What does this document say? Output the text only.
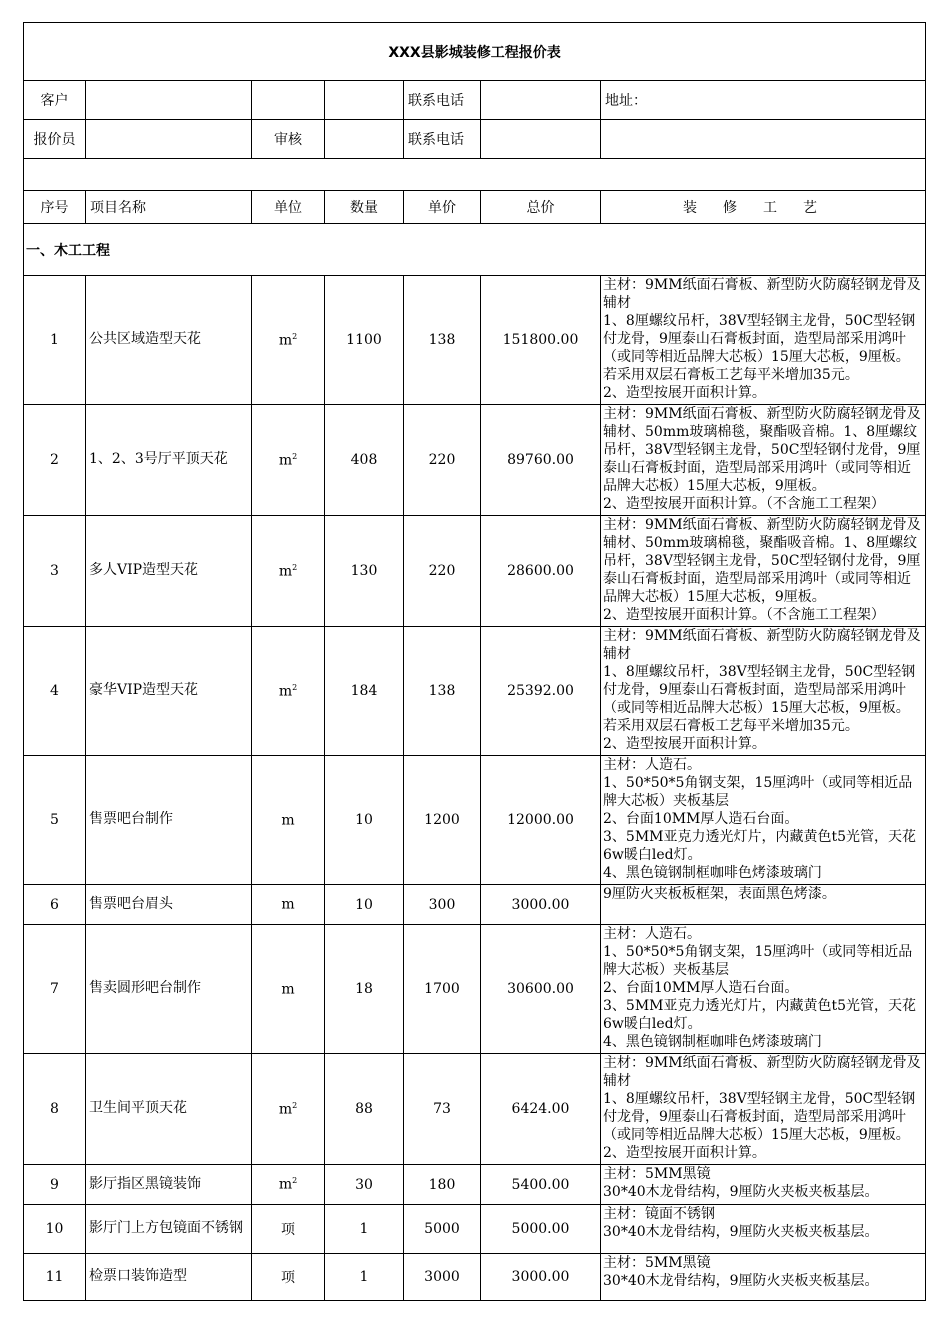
XXX县影城装修工程报价表						
客户				联系电话		地址：
报价员		审核		联系电话		

序号	项目名称	单位	数量	单价	总价	装修工艺
一、木工工程						
1	公共区域造型天花	$m^2$	1100	138	151800.00	主材：9MM纸面石膏板、新型防火防腐轻钢龙骨及辅材
1、8厘螺纹吊杆，38V型轻钢主龙骨，50C型轻钢付龙骨，9厘泰山石膏板封面，造型局部采用鸿叶（或同等相近品牌大芯板）15厘大芯板，9厘板。若采用双层石膏板工艺每平米增加35元。
2、造型按展开面积计算。
2	1、2、3号厅平顶天花	$m^2$	408	220	89760.00	主材：9MM纸面石膏板、新型防火防腐轻钢龙骨及辅材、50mm玻璃棉毯，聚酯吸音棉。1、8厘螺纹吊杆，38V型轻钢主龙骨，50C型轻钢付龙骨，9厘泰山石膏板封面，造型局部采用鸿叶（或同等相近品牌大芯板）15厘大芯板，9厘板。
2、造型按展开面积计算。（不含施工工程架）
3	多人VIP造型天花	$m^2$	130	220	28600.00	主材：9MM纸面石膏板、新型防火防腐轻钢龙骨及辅材、50mm玻璃棉毯，聚酯吸音棉。1、8厘螺纹吊杆，38V型轻钢主龙骨，50C型轻钢付龙骨，9厘泰山石膏板封面，造型局部采用鸿叶（或同等相近品牌大芯板）15厘大芯板，9厘板。
2、造型按展开面积计算。（不含施工工程架）
4	豪华VIP造型天花	$m^2$	184	138	25392.00	主材：9MM纸面石膏板、新型防火防腐轻钢龙骨及辅材
1、8厘螺纹吊杆，38V型轻钢主龙骨，50C型轻钢付龙骨，9厘泰山石膏板封面，造型局部采用鸿叶（或同等相近品牌大芯板）15厘大芯板，9厘板。若采用双层石膏板工艺每平米增加35元。
2、造型按展开面积计算。
5	售票吧台制作	m	10	1200	12000.00	主材：人造石。
1、50*50*5角钢支架，15厘鸿叶（或同等相近品牌大芯板）夹板基层
2、台面10MM厚人造石台面。
3、5MM亚克力透光灯片，内藏黄色t5光管，天花6w暖白led灯。
4、黑色镜钢制框咖啡色烤漆玻璃门
6	售票吧台眉头	m	10	300	3000.00	9厘防火夹板板框架，表面黑色烤漆。
7	售卖圆形吧台制作	m	18	1700	30600.00	主材：人造石。
1、50*50*5角钢支架，15厘鸿叶（或同等相近品牌大芯板）夹板基层
2、台面10MM厚人造石台面。
3、5MM亚克力透光灯片，内藏黄色t5光管，天花6w暖白led灯。
4、黑色镜钢制框咖啡色烤漆玻璃门
8	卫生间平顶天花	$m^2$	88	73	6424.00	主材：9MM纸面石膏板、新型防火防腐轻钢龙骨及辅材
1、8厘螺纹吊杆，38V型轻钢主龙骨，50C型轻钢付龙骨，9厘泰山石膏板封面，造型局部采用鸿叶（或同等相近品牌大芯板）15厘大芯板，9厘板。
2、造型按展开面积计算。
9	影厅指区黑镜装饰	$m^2$	30	180	5400.00	主材：5MM黑镜
30*40木龙骨结构，9厘防火夹板夹板基层。
10	影厅门上方包镜面不锈钢	项	1	5000	5000.00	主材：镜面不锈钢
30*40木龙骨结构，9厘防火夹板夹板基层。
11	检票口装饰造型	项	1	3000	3000.00	主材：5MM黑镜
30*40木龙骨结构，9厘防火夹板夹板基层。
